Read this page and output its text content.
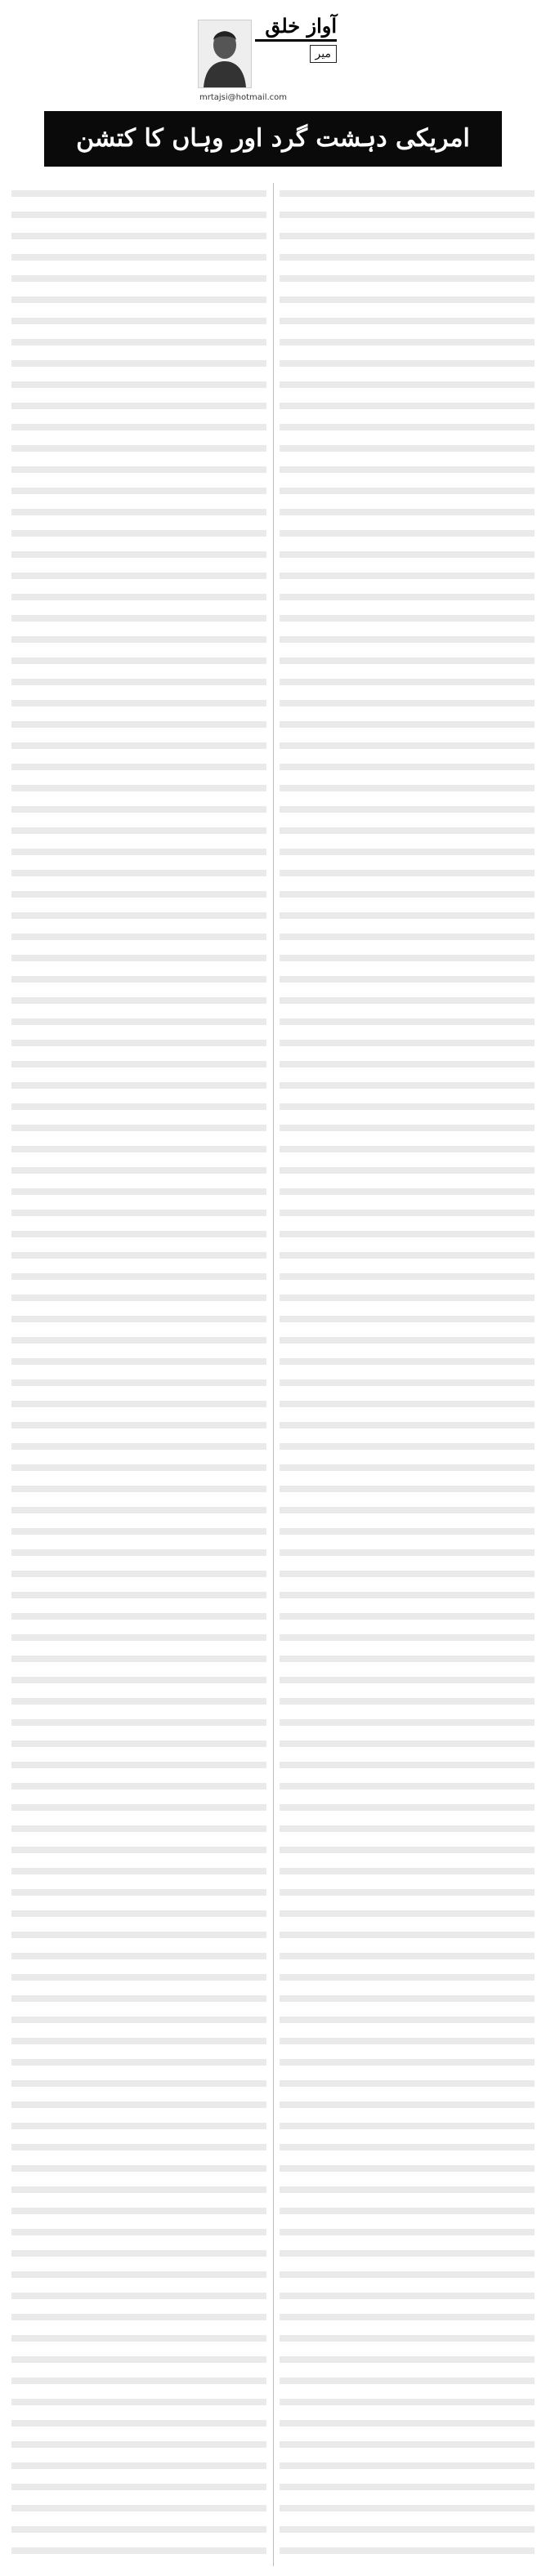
آواز خلق
میر
mrtajsi@hotmail.com
امریکی دہشت گرد اور وہاں کا کتشن
